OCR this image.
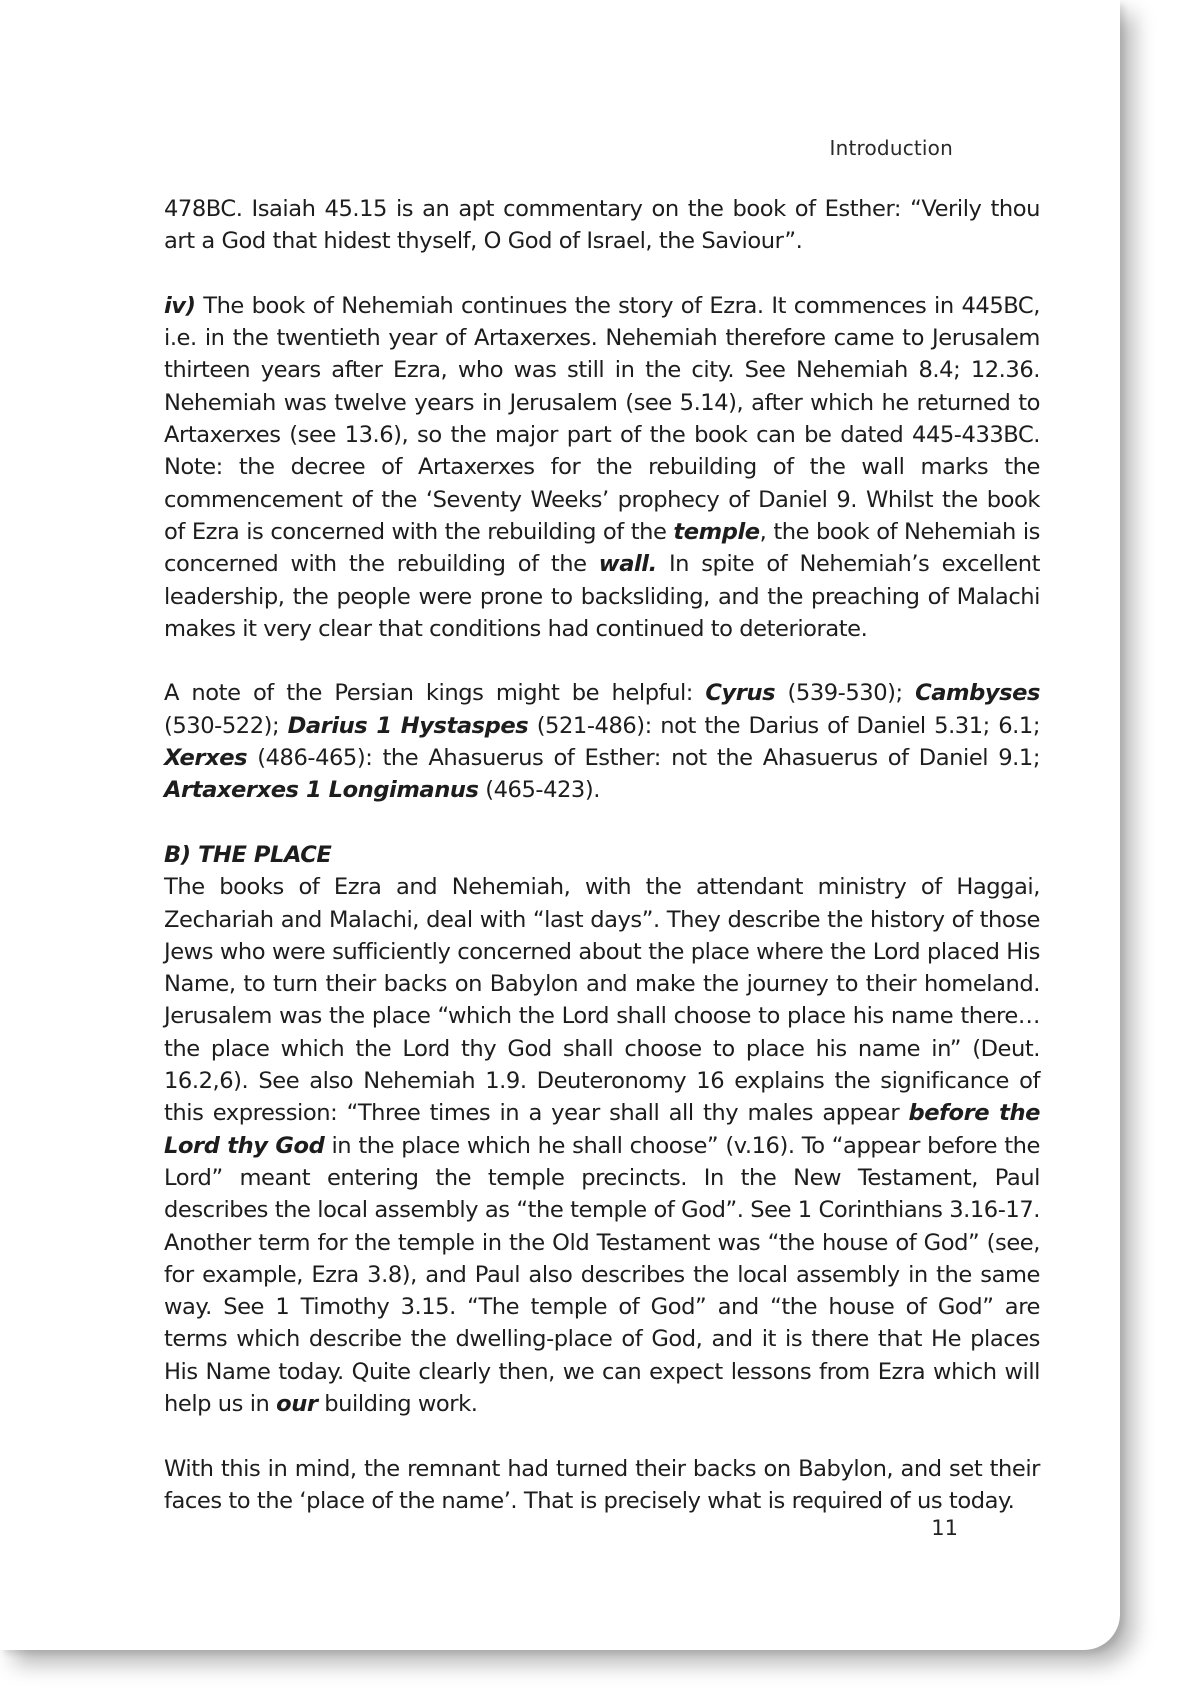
Introduction

478BC. Isaiah 45.15 is an apt commentary on the book of Esther: “Verily thou art a God that hidest thyself, O God of Israel, the Saviour”.

iv) The book of Nehemiah continues the story of Ezra. It commences in 445BC, i.e. in the twentieth year of Artaxerxes. Nehemiah therefore came to Jerusalem thirteen years after Ezra, who was still in the city. See Nehemiah 8.4; 12.36. Nehemiah was twelve years in Jerusalem (see 5.14), after which he returned to Artaxerxes (see 13.6), so the major part of the book can be dated 445-433BC. Note: the decree of Artaxerxes for the rebuilding of the wall marks the commencement of the ‘Seventy Weeks’ prophecy of Daniel 9. Whilst the book of Ezra is concerned with the rebuilding of the temple, the book of Nehemiah is concerned with the rebuilding of the wall. In spite of Nehemiah’s excellent leadership, the people were prone to backsliding, and the preaching of Malachi makes it very clear that conditions had continued to deteriorate.

A note of the Persian kings might be helpful: Cyrus (539-530); Cambyses (530-522); Darius 1 Hystaspes (521-486): not the Darius of Daniel 5.31; 6.1; Xerxes (486-465): the Ahasuerus of Esther: not the Ahasuerus of Daniel 9.1; Artaxerxes 1 Longimanus (465-423).

B) THE PLACE

The books of Ezra and Nehemiah, with the attendant ministry of Haggai, Zechariah and Malachi, deal with “last days”. They describe the history of those Jews who were sufficiently concerned about the place where the Lord placed His Name, to turn their backs on Babylon and make the journey to their homeland. Jerusalem was the place “which the Lord shall choose to place his name there…the place which the Lord thy God shall choose to place his name in” (Deut. 16.2,6). See also Nehemiah 1.9. Deuteronomy 16 explains the significance of this expression: “Three times in a year shall all thy males appear before the Lord thy God in the place which he shall choose” (v.16). To “appear before the Lord” meant entering the temple precincts. In the New Testament, Paul describes the local assembly as “the temple of God”. See 1 Corinthians 3.16-17. Another term for the temple in the Old Testament was “the house of God” (see, for example, Ezra 3.8), and Paul also describes the local assembly in the same way. See 1 Timothy 3.15. “The temple of God” and “the house of God” are terms which describe the dwelling-place of God, and it is there that He places His Name today. Quite clearly then, we can expect lessons from Ezra which will help us in our building work.

With this in mind, the remnant had turned their backs on Babylon, and set their faces to the ‘place of the name’. That is precisely what is required of us today.

11
